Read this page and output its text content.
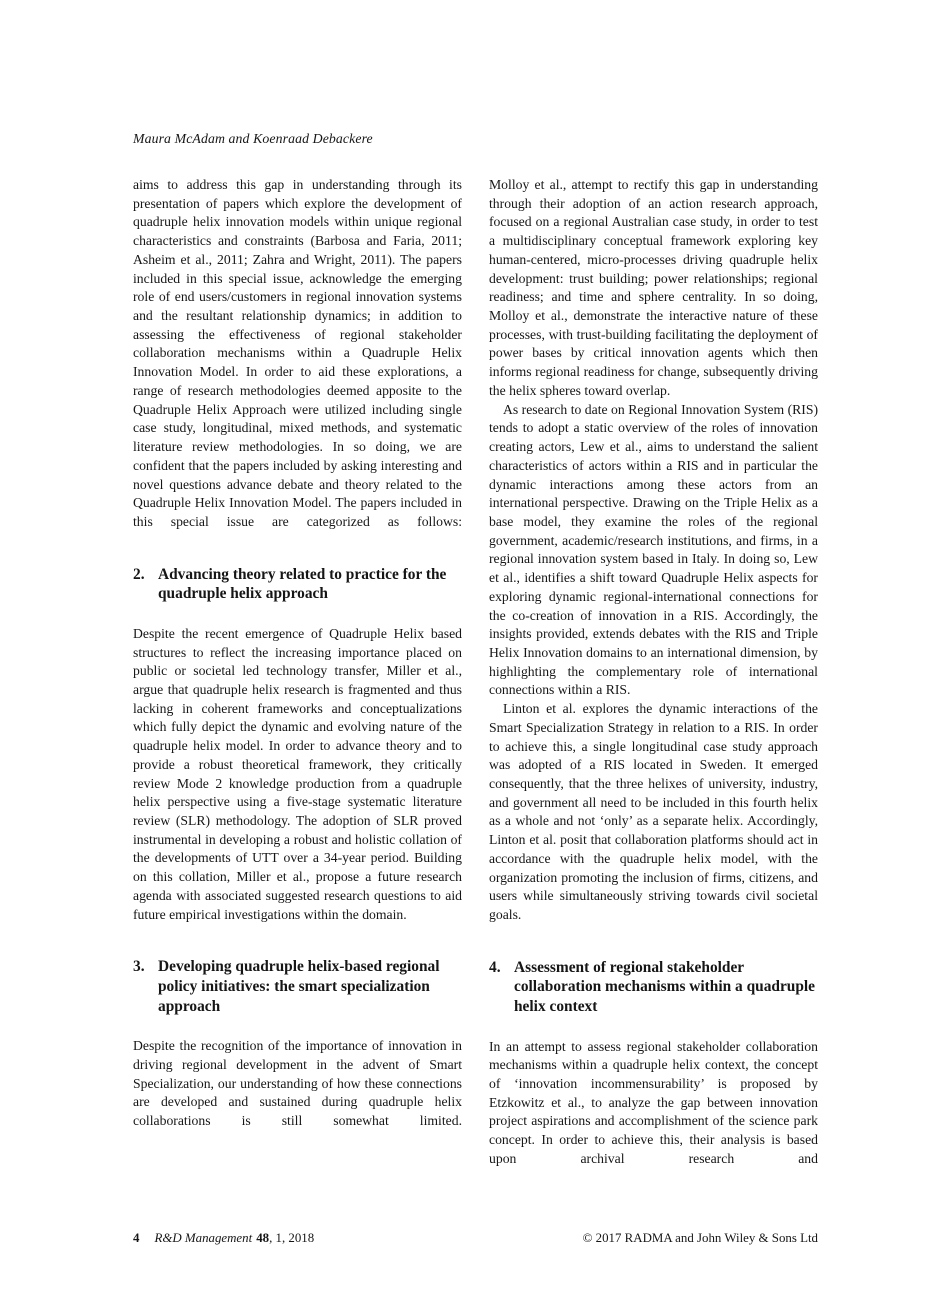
Maura McAdam and Koenraad Debackere

aims to address this gap in understanding through its presentation of papers which explore the development of quadruple helix innovation models within unique regional characteristics and constraints (Barbosa and Faria, 2011; Asheim et al., 2011; Zahra and Wright, 2011). The papers included in this special issue, acknowledge the emerging role of end users/customers in regional innovation systems and the resultant relationship dynamics; in addition to assessing the effectiveness of regional stakeholder collaboration mechanisms within a Quadruple Helix Innovation Model. In order to aid these explorations, a range of research methodologies deemed apposite to the Quadruple Helix Approach were utilized including single case study, longitudinal, mixed methods, and systematic literature review methodologies. In so doing, we are confident that the papers included by asking interesting and novel questions advance debate and theory related to the Quadruple Helix Innovation Model. The papers included in this special issue are categorized as follows:

2. Advancing theory related to practice for the quadruple helix approach

Despite the recent emergence of Quadruple Helix based structures to reflect the increasing importance placed on public or societal led technology transfer, Miller et al., argue that quadruple helix research is fragmented and thus lacking in coherent frameworks and conceptualizations which fully depict the dynamic and evolving nature of the quadruple helix model. In order to advance theory and to provide a robust theoretical framework, they critically review Mode 2 knowledge production from a quadruple helix perspective using a five-stage systematic literature review (SLR) methodology. The adoption of SLR proved instrumental in developing a robust and holistic collation of the developments of UTT over a 34-year period. Building on this collation, Miller et al., propose a future research agenda with associated suggested research questions to aid future empirical investigations within the domain.

3. Developing quadruple helix-based regional policy initiatives: the smart specialization approach

Despite the recognition of the importance of innovation in driving regional development in the advent of Smart Specialization, our understanding of how these connections are developed and sustained during quadruple helix collaborations is still somewhat limited.

Molloy et al., attempt to rectify this gap in understanding through their adoption of an action research approach, focused on a regional Australian case study, in order to test a multidisciplinary conceptual framework exploring key human-centered, micro-processes driving quadruple helix development: trust building; power relationships; regional readiness; and time and sphere centrality. In so doing, Molloy et al., demonstrate the interactive nature of these processes, with trust-building facilitating the deployment of power bases by critical innovation agents which then informs regional readiness for change, subsequently driving the helix spheres toward overlap.

As research to date on Regional Innovation System (RIS) tends to adopt a static overview of the roles of innovation creating actors, Lew et al., aims to understand the salient characteristics of actors within a RIS and in particular the dynamic interactions among these actors from an international perspective. Drawing on the Triple Helix as a base model, they examine the roles of the regional government, academic/research institutions, and firms, in a regional innovation system based in Italy. In doing so, Lew et al., identifies a shift toward Quadruple Helix aspects for exploring dynamic regional-international connections for the co-creation of innovation in a RIS. Accordingly, the insights provided, extends debates with the RIS and Triple Helix Innovation domains to an international dimension, by highlighting the complementary role of international connections within a RIS.

Linton et al. explores the dynamic interactions of the Smart Specialization Strategy in relation to a RIS. In order to achieve this, a single longitudinal case study approach was adopted of a RIS located in Sweden. It emerged consequently, that the three helixes of university, industry, and government all need to be included in this fourth helix as a whole and not ‘only’ as a separate helix. Accordingly, Linton et al. posit that collaboration platforms should act in accordance with the quadruple helix model, with the organization promoting the inclusion of firms, citizens, and users while simultaneously striving towards civil societal goals.

4. Assessment of regional stakeholder collaboration mechanisms within a quadruple helix context

In an attempt to assess regional stakeholder collaboration mechanisms within a quadruple helix context, the concept of ‘innovation incommensurability’ is proposed by Etzkowitz et al., to analyze the gap between innovation project aspirations and accomplishment of the science park concept. In order to achieve this, their analysis is based upon archival research and

4 R&D Management 48, 1, 2018	© 2017 RADMA and John Wiley & Sons Ltd
